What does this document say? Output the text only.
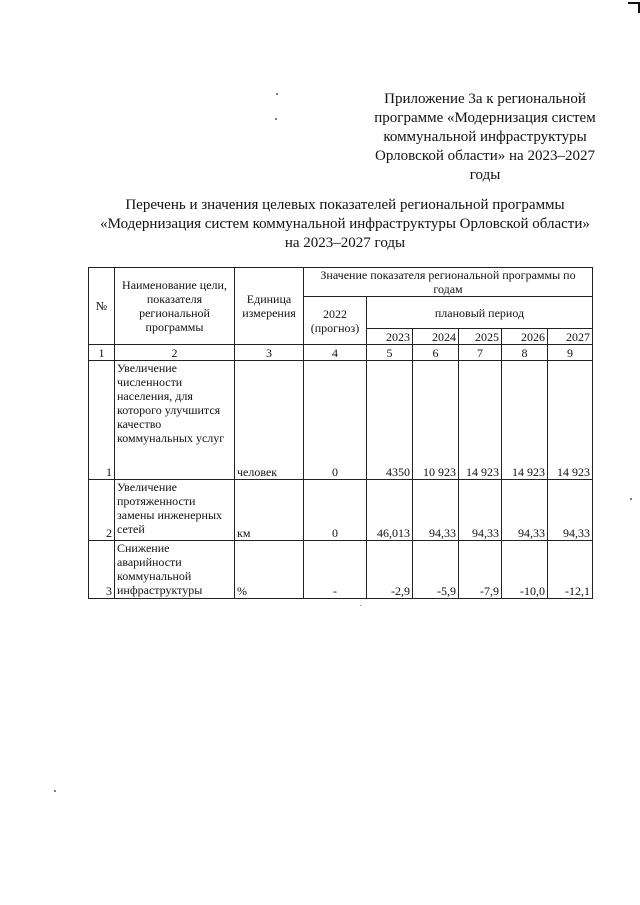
Приложение 3а к региональной
программе «Модернизация систем
коммунальной инфраструктуры
Орловской области» на 2023–2027
годы
Перечень и значения целевых показателей региональной программы
«Модернизация систем коммунальной инфраструктуры Орловской области»
на 2023–2027 годы
№	Наименование цели, показателя региональной программы	Единица измерения	Значение показателя региональной программы по годам					
			2022 (прогноз)	плановый период				
				2023	2024	2025	2026	2027
1	2	3	4	5	6	7	8	9
1	Увеличение численности населения, для которого улучшится качество коммунальных услуг	человек	0	4350	10 923	14 923	14 923	14 923
2	Увеличение протяженности замены инженерных сетей	км	0	46,013	94,33	94,33	94,33	94,33
3	Снижение аварийности коммунальной инфраструктуры	%	-	-2,9	-5,9	-7,9	-10,0	-12,1
